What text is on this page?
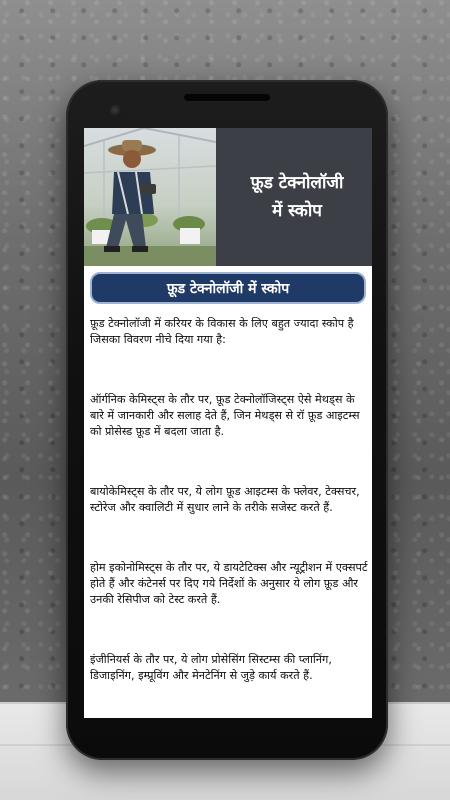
फ़ूड टेक्नोलॉजी
में स्कोप
फ़ूड टेक्नोलॉजी में स्कोप

फ़ूड टेक्नोलॉजी में करियर के विकास के लिए बहुत ज्यादा स्कोप है जिसका विवरण नीचे दिया गया है:

ऑर्गनिक केमिस्ट्स के तौर पर, फ़ूड टेक्नोलॉजिस्ट्स ऐसे मेथड्स के बारे में जानकारी और सलाह देते हैं, जिन मेथड्स से रॉ फ़ूड आइटम्स को प्रोसेस्ड फ़ूड में बदला जाता है.

बायोकेमिस्ट्स के तौर पर, ये लोग फ़ूड आइटम्स के फ्लेवर, टेक्सचर, स्टोरेज और क्वालिटी में सुधार लाने के तरीके सजेस्ट करते हैं.

होम इकोनोमिस्ट्स के तौर पर, ये डायटेटिक्स और न्यूट्रीशन में एक्सपर्ट होते हैं और कंटेनर्स पर दिए गये निर्देशों के अनुसार ये लोग फ़ूड और उनकी रेसिपीज को टेस्ट करते हैं.

इंजीनियर्स के तौर पर, ये लोग प्रोसेसिंग सिस्टम्स की प्लानिंग, डिजाइनिंग, इम्प्रूविंग और मेनटेनिंग से जुड़े कार्य करते हैं.
